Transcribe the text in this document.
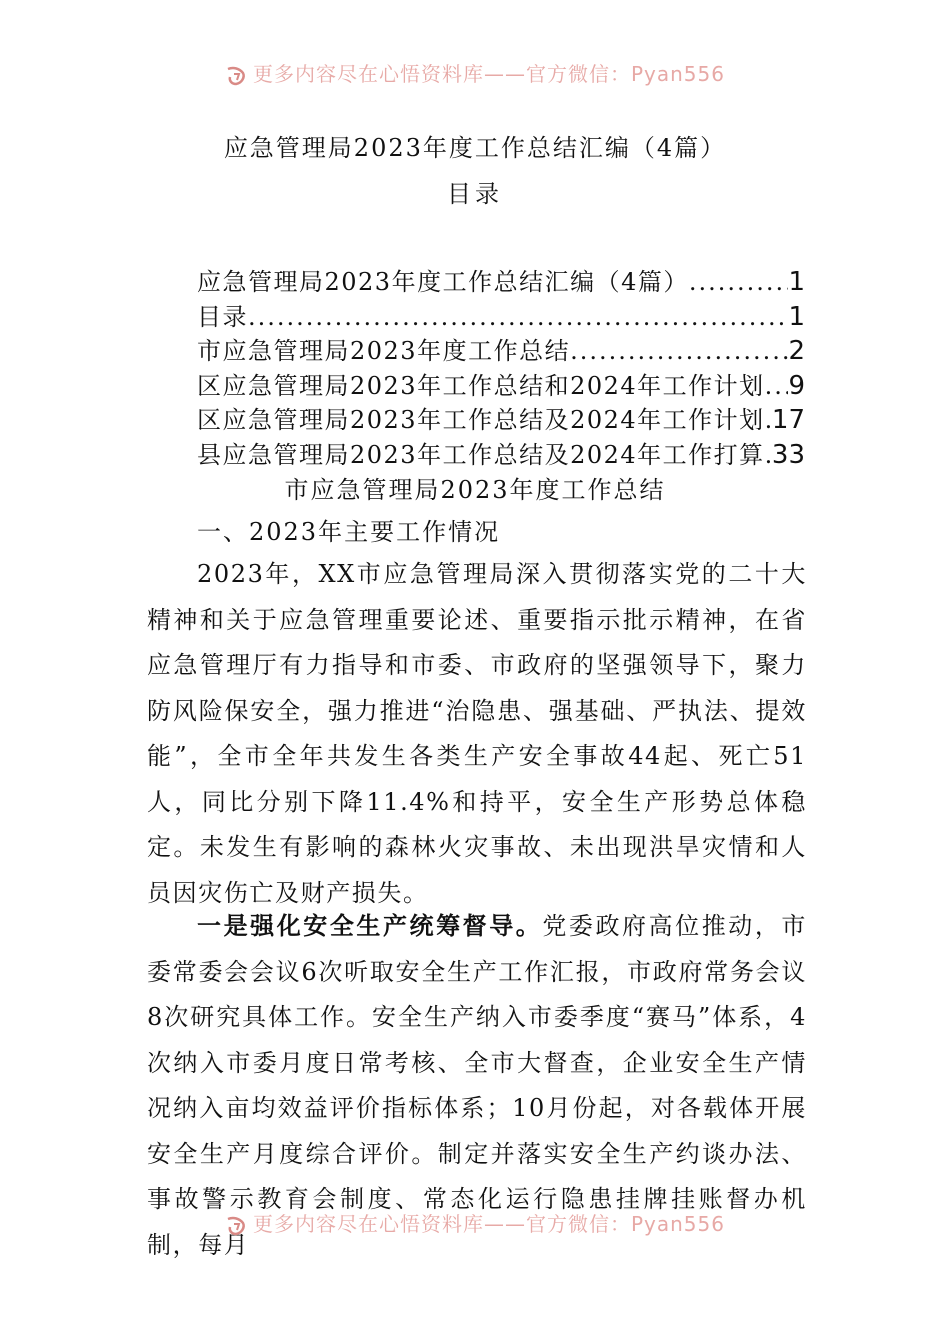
更多内容尽在心悟资料库——官方微信：Pyan556
应急管理局2023年度工作总结汇编（4篇）
目录
应急管理局2023年度工作总结汇编（4篇） .....	1
目录 .....	1
市应急管理局2023年度工作总结 .....	2
区应急管理局2023年工作总结和2024年工作计划 ..... 9
区应急管理局2023年工作总结及2024年工作计划 ..... 17
县应急管理局2023年工作总结及2024年工作打算 ..... 33
市应急管理局2023年度工作总结
一、2023年主要工作情况

2023年，XX市应急管理局深入贯彻落实党的二十大精神和关于应急管理重要论述、重要指示批示精神，在省应急管理厅有力指导和市委、市政府的坚强领导下，聚力防风险保安全，强力推进“治隐患、强基础、严执法、提效能”，全市全年共发生各类生产安全事故44起、死亡51人，同比分别下降11.4%和持平，安全生产形势总体稳定。未发生有影响的森林火灾事故、未出现洪旱灾情和人员因灾伤亡及财产损失。

一是强化安全生产统筹督导。党委政府高位推动，市委常委会会议6次听取安全生产工作汇报，市政府常务会议8次研究具体工作。安全生产纳入市委季度“赛马”体系，4次纳入市委月度日常考核、全市大督查，企业安全生产情况纳入亩均效益评价指标体系；10月份起，对各载体开展安全生产月度综合评价。制定并落实安全生产约谈办法、事故警示教育会制度、常态化运行隐患挂牌挂账督办机制，每月

更多内容尽在心悟资料库——官方微信：Pyan556
